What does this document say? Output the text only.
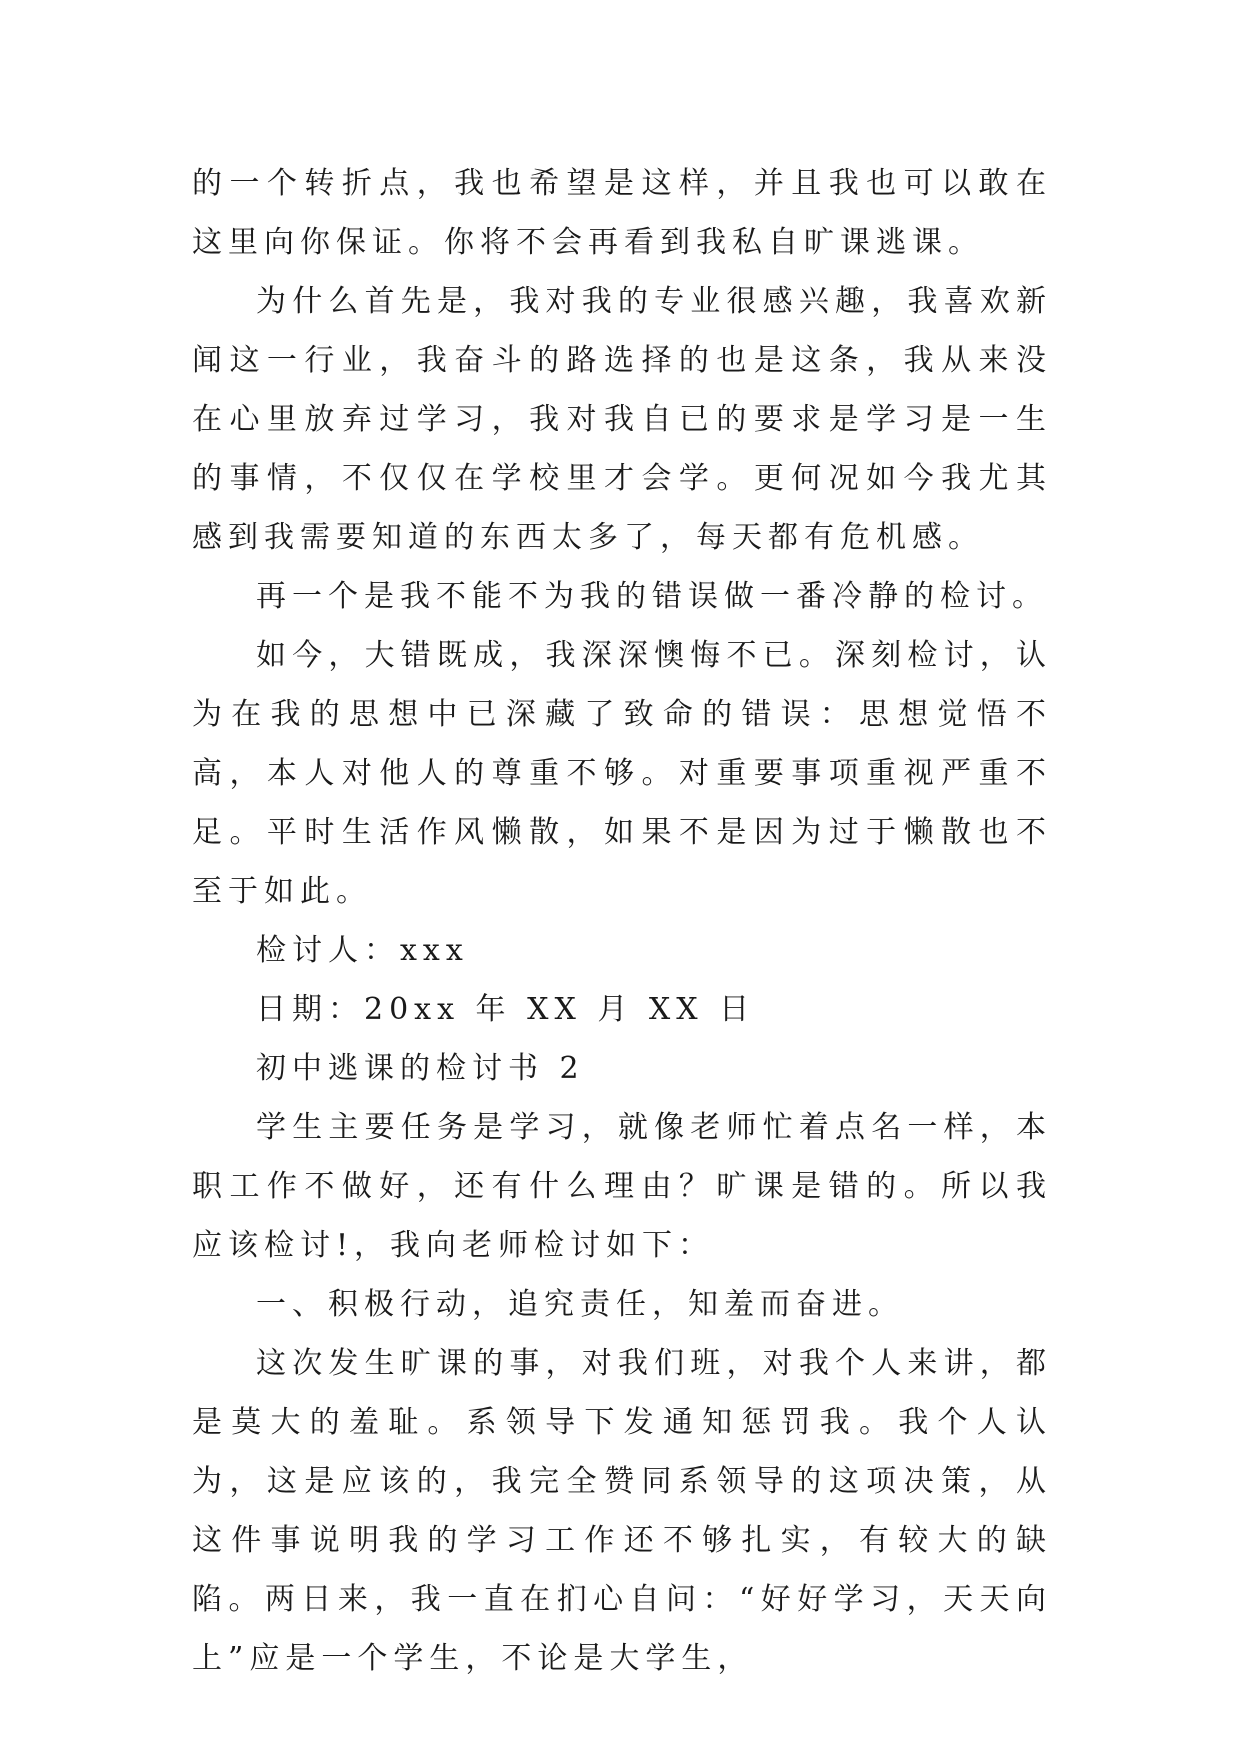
的一个转折点，我也希望是这样，并且我也可以敢在这里向你保证。你将不会再看到我私自旷课逃课。

为什么首先是，我对我的专业很感兴趣，我喜欢新闻这一行业，我奋斗的路选择的也是这条，我从来没在心里放弃过学习，我对我自已的要求是学习是一生的事情，不仅仅在学校里才会学。更何况如今我尤其感到我需要知道的东西太多了，每天都有危机感。

再一个是我不能不为我的错误做一番冷静的检讨。

如今，大错既成，我深深懊悔不已。深刻检讨，认为在我的思想中已深藏了致命的错误：思想觉悟不高，本人对他人的尊重不够。对重要事项重视严重不足。平时生活作风懒散，如果不是因为过于懒散也不至于如此。

检讨人：xxx

日期：20xx 年 XX 月 XX 日

初中逃课的检讨书 2

学生主要任务是学习，就像老师忙着点名一样，本职工作不做好，还有什么理由？旷课是错的。所以我应该检讨!，我向老师检讨如下：

一、积极行动，追究责任，知羞而奋进。

这次发生旷课的事，对我们班，对我个人来讲，都是莫大的羞耻。系领导下发通知惩罚我。我个人认为，这是应该的，我完全赞同系领导的这项决策，从这件事说明我的学习工作还不够扎实，有较大的缺陷。两日来，我一直在扪心自问：“好好学习，天天向上”应是一个学生，不论是大学生，
